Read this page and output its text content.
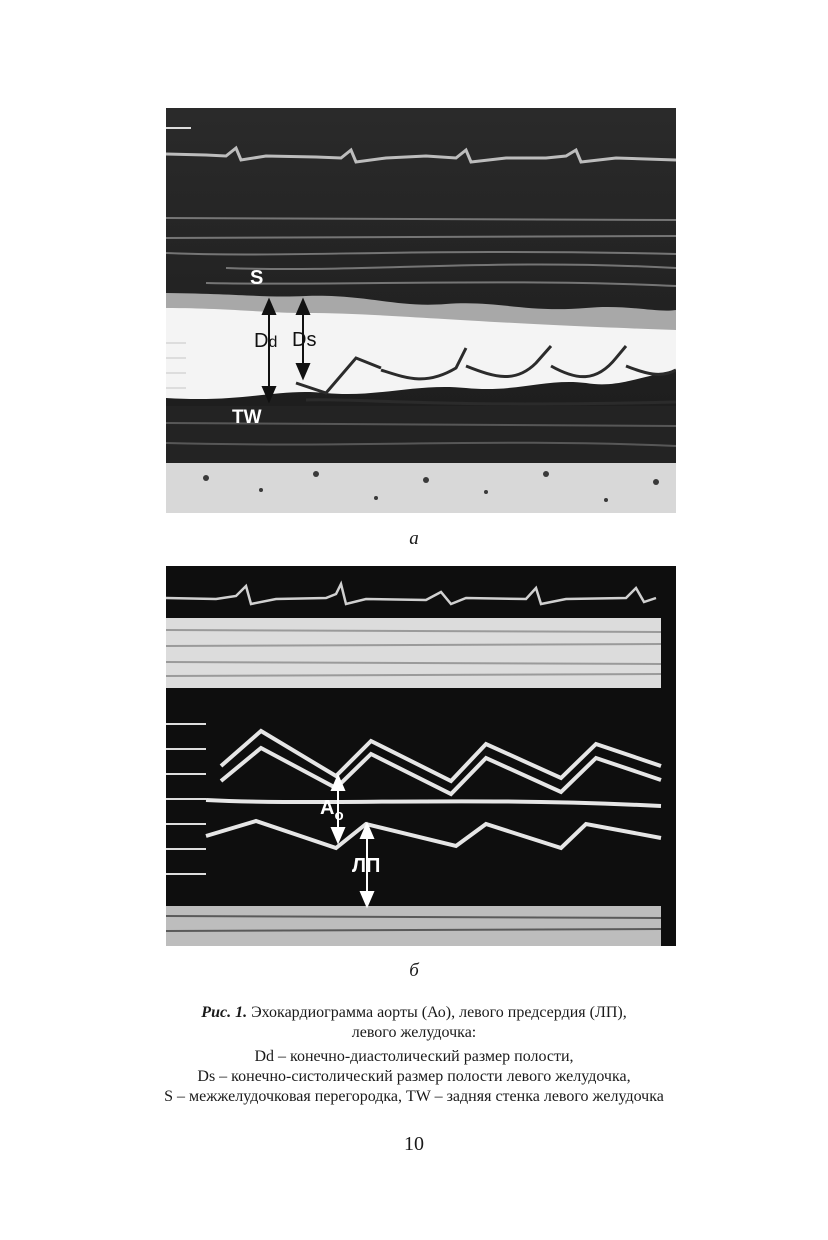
S
Dd Ds
TW
а
$A_o$
ЛП
б
Рис. 1. Эхокардиограмма аорты (Ао), левого предсердия (ЛП),
левого желудочка:
Dd – конечно-диастолический размер полости,
Ds – конечно-систолический размер полости левого желудочка,
S – межжелудочковая перегородка, TW – задняя стенка левого желудочка
10
